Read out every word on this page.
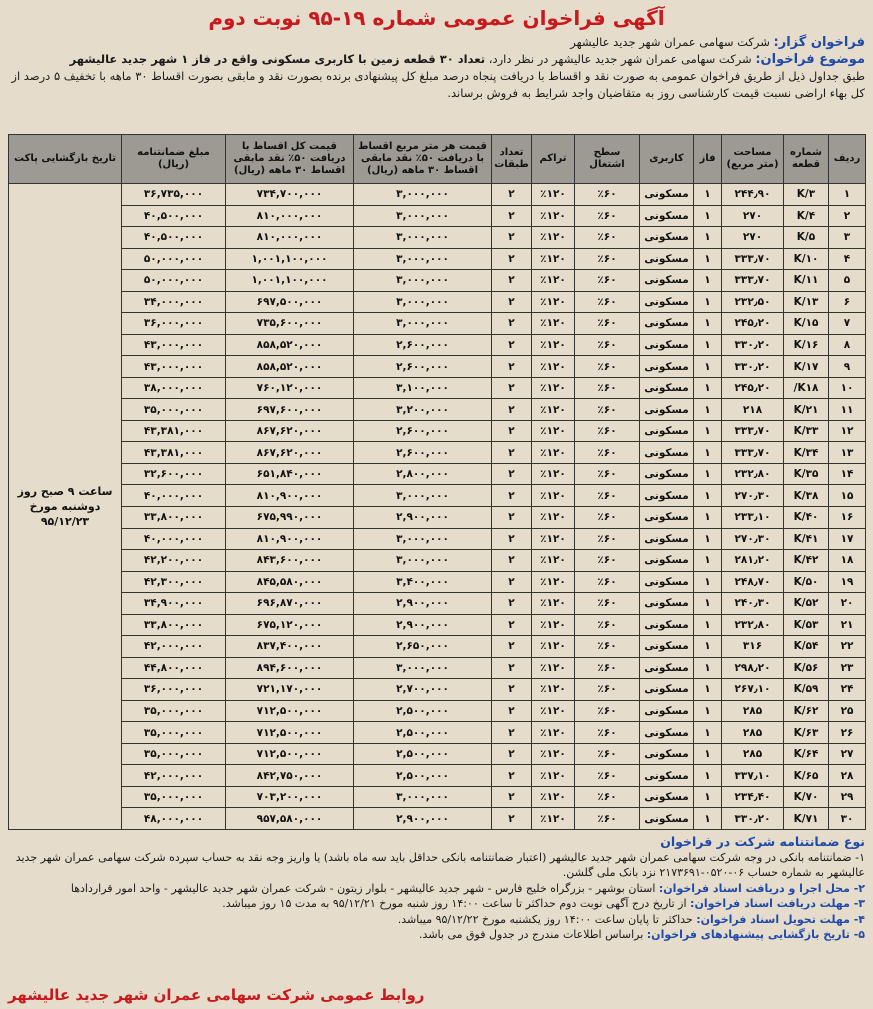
آگهی فراخوان عمومی شماره ۱۹-۹۵ نوبت دوم
فراخوان گزار: شرکت سهامی عمران شهر جدید عالیشهر
موضوع فراخوان: شرکت سهامی عمران شهر جدید عالیشهر در نظر دارد، تعداد ۳۰ قطعه زمین با کاربری مسکونی واقع در فاز ۱ شهر جدید عالیشهر
طبق جداول ذیل از طریق فراخوان عمومی به صورت نقد و اقساط با دریافت پنجاه درصد مبلغ کل پیشنهادی برنده بصورت نقد و مابقی بصورت اقساط ۳۰ ماهه با تخفیف ۵ درصد از کل بهاء اراضی نسبت قیمت کارشناسی روز به متقاضیان واجد شرایط به فروش برساند.
ردیف	شماره قطعه	مساحت (متر مربع)	فاز	کاربری	سطح اشتغال	تراکم	تعداد طبقات	قیمت هر متر مربع اقساط با دریافت ۵۰٪ نقد مابقی اقساط ۳۰ ماهه (ریال)	قیمت کل اقساط با دریافت ۵۰٪ نقد مابقی اقساط ۳۰ ماهه (ریال)	مبلغ ضمانتنامه (ریال)	تاریخ بازگشایی پاکت
۱	K/۳	۲۴۴٫۹۰	۱	مسکونی	٪۶۰	٪۱۲۰	۲	۳,۰۰۰,۰۰۰	۷۳۴,۷۰۰,۰۰۰	۳۶,۷۳۵,۰۰۰	ساعت ۹ صبح روز دوشنبه مورخ ۹۵/۱۲/۲۳
۲	K/۴	۲۷۰	۱	مسکونی	٪۶۰	٪۱۲۰	۲	۳,۰۰۰,۰۰۰	۸۱۰,۰۰۰,۰۰۰	۴۰,۵۰۰,۰۰۰	
۳	K/۵	۲۷۰	۱	مسکونی	٪۶۰	٪۱۲۰	۲	۳,۰۰۰,۰۰۰	۸۱۰,۰۰۰,۰۰۰	۴۰,۵۰۰,۰۰۰	
۴	K/۱۰	۳۳۳٫۷۰	۱	مسکونی	٪۶۰	٪۱۲۰	۲	۳,۰۰۰,۰۰۰	۱,۰۰۱,۱۰۰,۰۰۰	۵۰,۰۰۰,۰۰۰	
۵	K/۱۱	۳۳۳٫۷۰	۱	مسکونی	٪۶۰	٪۱۲۰	۲	۳,۰۰۰,۰۰۰	۱,۰۰۱,۱۰۰,۰۰۰	۵۰,۰۰۰,۰۰۰	
۶	K/۱۳	۲۳۲٫۵۰	۱	مسکونی	٪۶۰	٪۱۲۰	۲	۳,۰۰۰,۰۰۰	۶۹۷,۵۰۰,۰۰۰	۳۴,۰۰۰,۰۰۰	
۷	K/۱۵	۲۴۵٫۲۰	۱	مسکونی	٪۶۰	٪۱۲۰	۲	۳,۰۰۰,۰۰۰	۷۳۵,۶۰۰,۰۰۰	۳۶,۰۰۰,۰۰۰	
۸	K/۱۶	۳۳۰٫۲۰	۱	مسکونی	٪۶۰	٪۱۲۰	۲	۲,۶۰۰,۰۰۰	۸۵۸,۵۲۰,۰۰۰	۴۳,۰۰۰,۰۰۰	
۹	K/۱۷	۳۳۰٫۲۰	۱	مسکونی	٪۶۰	٪۱۲۰	۲	۲,۶۰۰,۰۰۰	۸۵۸,۵۲۰,۰۰۰	۴۳,۰۰۰,۰۰۰	
۱۰	K۱۸/	۲۴۵٫۲۰	۱	مسکونی	٪۶۰	٪۱۲۰	۲	۳,۱۰۰,۰۰۰	۷۶۰,۱۲۰,۰۰۰	۳۸,۰۰۰,۰۰۰	
۱۱	K/۲۱	۲۱۸	۱	مسکونی	٪۶۰	٪۱۲۰	۲	۳,۲۰۰,۰۰۰	۶۹۷,۶۰۰,۰۰۰	۳۵,۰۰۰,۰۰۰	
۱۲	K/۳۳	۳۳۳٫۷۰	۱	مسکونی	٪۶۰	٪۱۲۰	۲	۲,۶۰۰,۰۰۰	۸۶۷,۶۲۰,۰۰۰	۴۳,۳۸۱,۰۰۰	
۱۳	K/۳۴	۳۳۳٫۷۰	۱	مسکونی	٪۶۰	٪۱۲۰	۲	۲,۶۰۰,۰۰۰	۸۶۷,۶۲۰,۰۰۰	۴۳,۳۸۱,۰۰۰	
۱۴	K/۳۵	۲۳۲٫۸۰	۱	مسکونی	٪۶۰	٪۱۲۰	۲	۲,۸۰۰,۰۰۰	۶۵۱,۸۴۰,۰۰۰	۳۲,۶۰۰,۰۰۰	
۱۵	K/۳۸	۲۷۰٫۳۰	۱	مسکونی	٪۶۰	٪۱۲۰	۲	۳,۰۰۰,۰۰۰	۸۱۰,۹۰۰,۰۰۰	۴۰,۰۰۰,۰۰۰	
۱۶	K/۴۰	۲۳۳٫۱۰	۱	مسکونی	٪۶۰	٪۱۲۰	۲	۲,۹۰۰,۰۰۰	۶۷۵,۹۹۰,۰۰۰	۳۳,۸۰۰,۰۰۰	
۱۷	K/۴۱	۲۷۰٫۳۰	۱	مسکونی	٪۶۰	٪۱۲۰	۲	۳,۰۰۰,۰۰۰	۸۱۰,۹۰۰,۰۰۰	۴۰,۰۰۰,۰۰۰	
۱۸	K/۴۲	۲۸۱٫۲۰	۱	مسکونی	٪۶۰	٪۱۲۰	۲	۳,۰۰۰,۰۰۰	۸۴۳,۶۰۰,۰۰۰	۴۲,۲۰۰,۰۰۰	
۱۹	K/۵۰	۲۴۸٫۷۰	۱	مسکونی	٪۶۰	٪۱۲۰	۲	۳,۴۰۰,۰۰۰	۸۴۵,۵۸۰,۰۰۰	۴۲,۳۰۰,۰۰۰	
۲۰	K/۵۲	۲۴۰٫۳۰	۱	مسکونی	٪۶۰	٪۱۲۰	۲	۲,۹۰۰,۰۰۰	۶۹۶,۸۷۰,۰۰۰	۳۴,۹۰۰,۰۰۰	
۲۱	K/۵۳	۲۳۲٫۸۰	۱	مسکونی	٪۶۰	٪۱۲۰	۲	۲,۹۰۰,۰۰۰	۶۷۵,۱۲۰,۰۰۰	۳۳,۸۰۰,۰۰۰	
۲۲	K/۵۴	۳۱۶	۱	مسکونی	٪۶۰	٪۱۲۰	۲	۲,۶۵۰,۰۰۰	۸۳۷,۴۰۰,۰۰۰	۴۲,۰۰۰,۰۰۰	
۲۳	K/۵۶	۲۹۸٫۲۰	۱	مسکونی	٪۶۰	٪۱۲۰	۲	۳,۰۰۰,۰۰۰	۸۹۴,۶۰۰,۰۰۰	۴۴,۸۰۰,۰۰۰	
۲۴	K/۵۹	۲۶۷٫۱۰	۱	مسکونی	٪۶۰	٪۱۲۰	۲	۲,۷۰۰,۰۰۰	۷۲۱,۱۷۰,۰۰۰	۳۶,۰۰۰,۰۰۰	
۲۵	K/۶۲	۲۸۵	۱	مسکونی	٪۶۰	٪۱۲۰	۲	۲,۵۰۰,۰۰۰	۷۱۲,۵۰۰,۰۰۰	۳۵,۰۰۰,۰۰۰	
۲۶	K/۶۳	۲۸۵	۱	مسکونی	٪۶۰	٪۱۲۰	۲	۲,۵۰۰,۰۰۰	۷۱۲,۵۰۰,۰۰۰	۳۵,۰۰۰,۰۰۰	
۲۷	K/۶۴	۲۸۵	۱	مسکونی	٪۶۰	٪۱۲۰	۲	۲,۵۰۰,۰۰۰	۷۱۲,۵۰۰,۰۰۰	۳۵,۰۰۰,۰۰۰	
۲۸	K/۶۵	۳۳۷٫۱۰	۱	مسکونی	٪۶۰	٪۱۲۰	۲	۲,۵۰۰,۰۰۰	۸۴۲,۷۵۰,۰۰۰	۴۲,۰۰۰,۰۰۰	
۲۹	K/۷۰	۲۳۴٫۴۰	۱	مسکونی	٪۶۰	٪۱۲۰	۲	۳,۰۰۰,۰۰۰	۷۰۳,۲۰۰,۰۰۰	۳۵,۰۰۰,۰۰۰	
۳۰	K/۷۱	۳۳۰٫۲۰	۱	مسکونی	٪۶۰	٪۱۲۰	۲	۲,۹۰۰,۰۰۰	۹۵۷,۵۸۰,۰۰۰	۴۸,۰۰۰,۰۰۰	
نوع ضمانتنامه شرکت در فراخوان
۱- ضمانتنامه بانکی در وجه شرکت سهامی عمران شهر جدید عالیشهر (اعتبار ضمانتنامه بانکی حداقل باید سه ماه باشد) یا واریز وجه نقد به حساب سپرده شرکت سهامی عمران شهر جدید عالیشهر به شماره حساب ۰۶-۰۵۲۰-۲۱۷۳۶۹۱ نزد بانک ملی گلشن.
۲- محل اجرا و دریافت اسناد فراخوان: استان بوشهر - بزرگراه خلیج فارس - شهر جدید عالیشهر - بلوار زیتون - شرکت عمران شهر جدید عالیشهر - واحد امور قراردادها
۳- مهلت دریافت اسناد فراخوان: از تاریخ درج آگهی نوبت دوم حداکثر تا ساعت ۱۴:۰۰ روز شنبه مورخ ۹۵/۱۲/۲۱ به مدت ۱۵ روز میباشد.
۴- مهلت تحویل اسناد فراخوان: حداکثر تا پایان ساعت ۱۴:۰۰ روز یکشنبه مورخ ۹۵/۱۲/۲۲ میباشد.
۵- تاریخ بازگشایی پیشنهادهای فراخوان: براساس اطلاعات مندرج در جدول فوق می باشد.
روابط عمومی شرکت سهامی عمران شهر جدید عالیشهر
